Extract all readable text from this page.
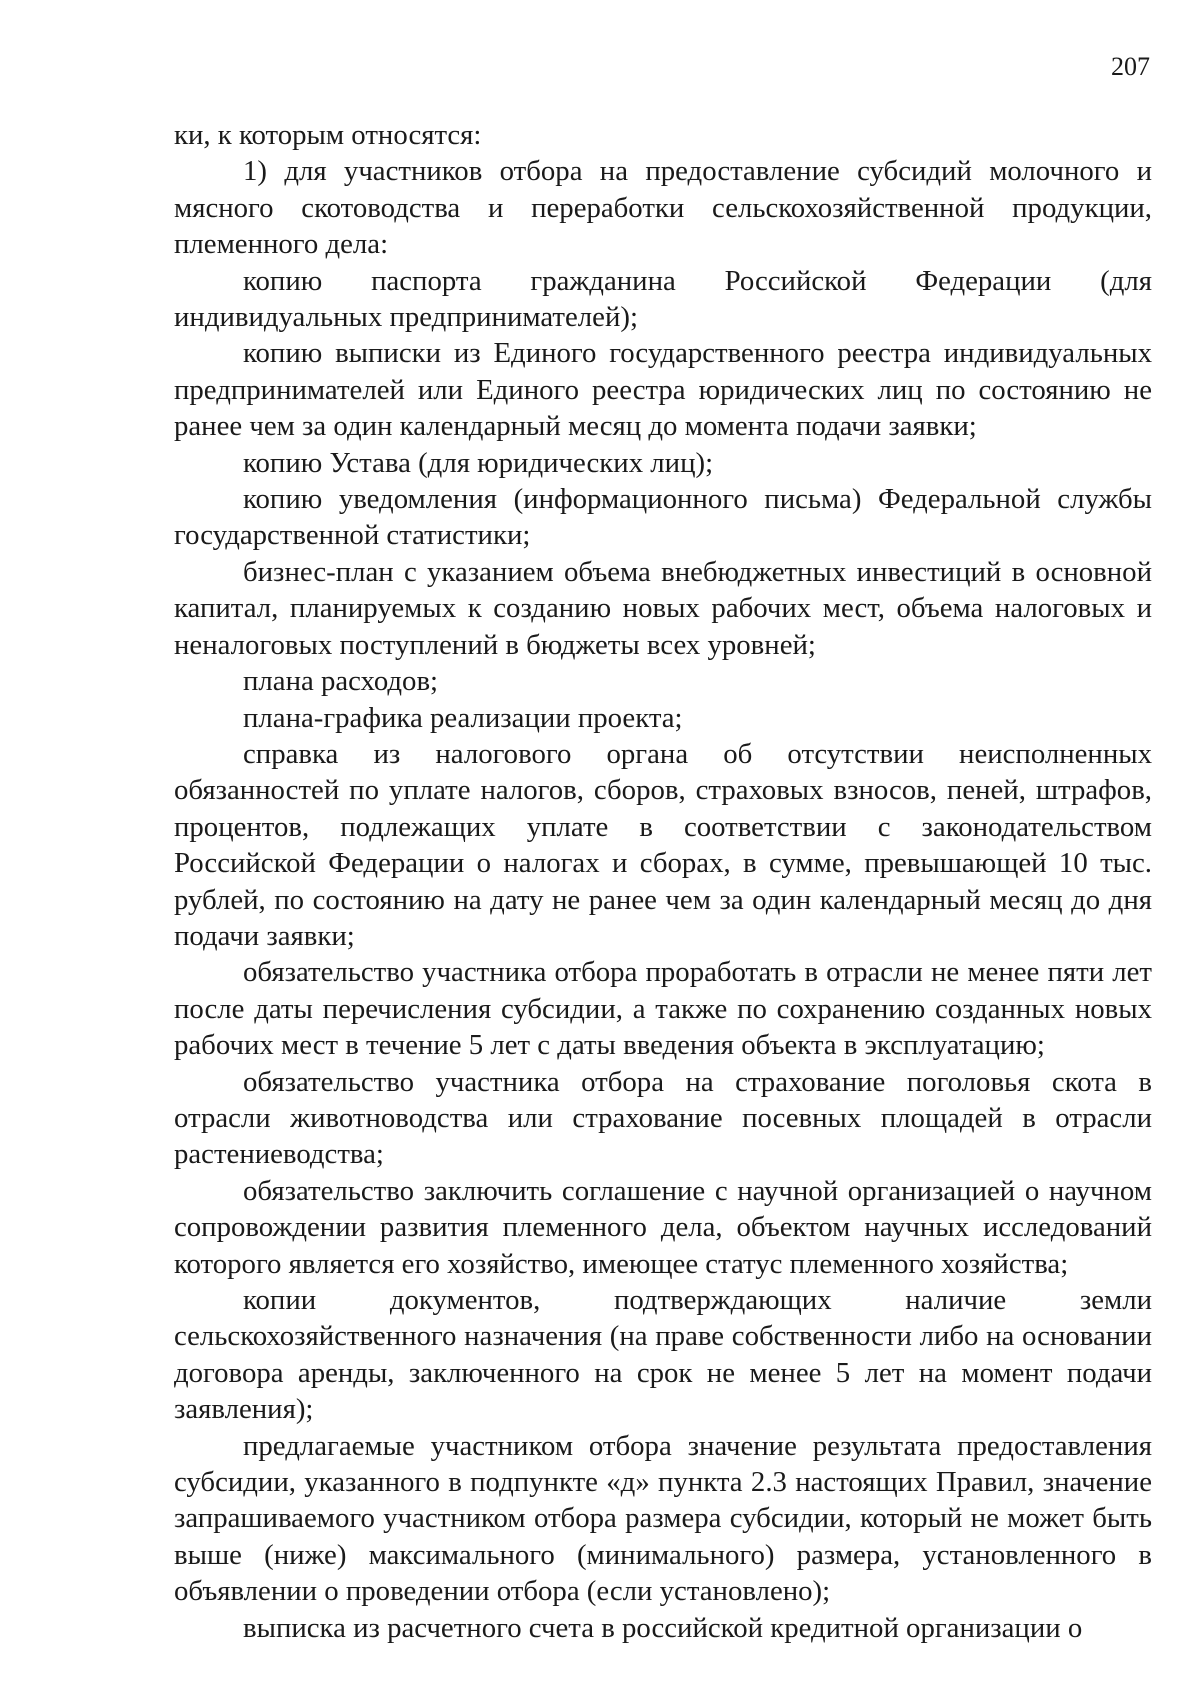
207

ки, к которым относятся:

1) для участников отбора на предоставление субсидий молочного и мясного скотоводства и переработки сельскохозяйственной продукции, племенного дела:

копию паспорта гражданина Российской Федерации (для индивидуальных предпринимателей);

копию выписки из Единого государственного реестра индивидуальных предпринимателей или Единого реестра юридических лиц по состоянию не ранее чем за один календарный месяц до момента подачи заявки;

копию Устава (для юридических лиц);

копию уведомления (информационного письма) Федеральной службы государственной статистики;

бизнес-план с указанием объема внебюджетных инвестиций в основной капитал, планируемых к созданию новых рабочих мест, объема налоговых и неналоговых поступлений в бюджеты всех уровней;

плана расходов;

плана-графика реализации проекта;

справка из налогового органа об отсутствии неисполненных обязанностей по уплате налогов, сборов, страховых взносов, пеней, штрафов, процентов, подлежащих уплате в соответствии с законодательством Российской Федерации о налогах и сборах, в сумме, превышающей 10 тыс. рублей, по состоянию на дату не ранее чем за один календарный месяц до дня подачи заявки;

обязательство участника отбора проработать в отрасли не менее пяти лет после даты перечисления субсидии, а также по сохранению созданных новых рабочих мест в течение 5 лет с даты введения объекта в эксплуатацию;

обязательство участника отбора на страхование поголовья скота в отрасли животноводства или страхование посевных площадей в отрасли растениеводства;

обязательство заключить соглашение с научной организацией о научном сопровождении развития племенного дела, объектом научных исследований которого является его хозяйство, имеющее статус племенного хозяйства;

копии документов, подтверждающих наличие земли сельскохозяйственного назначения (на праве собственности либо на основании договора аренды, заключенного на срок не менее 5 лет на момент подачи заявления);

предлагаемые участником отбора значение результата предоставления субсидии, указанного в подпункте «д» пункта 2.3 настоящих Правил, значение запрашиваемого участником отбора размера субсидии, который не может быть выше (ниже) максимального (минимального) размера, установленного в объявлении о проведении отбора (если установлено);

выписка из расчетного счета в российской кредитной организации о
